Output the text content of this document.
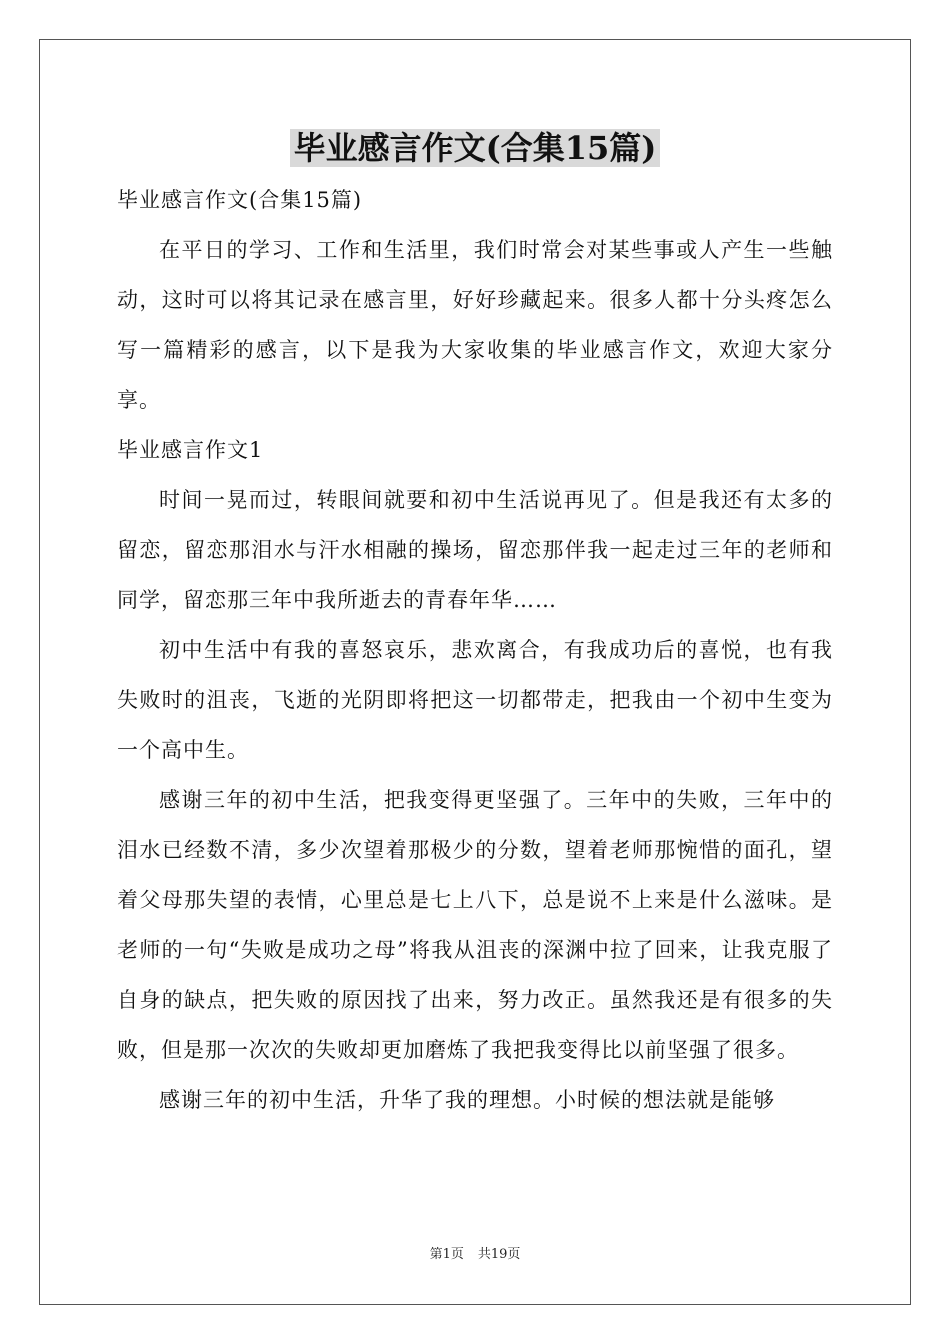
毕业感言作文(合集15篇)

毕业感言作文(合集15篇)

在平日的学习、工作和生活里，我们时常会对某些事或人产生一些触动，这时可以将其记录在感言里，好好珍藏起来。很多人都十分头疼怎么写一篇精彩的感言，以下是我为大家收集的毕业感言作文，欢迎大家分享。

毕业感言作文1

时间一晃而过，转眼间就要和初中生活说再见了。但是我还有太多的留恋，留恋那泪水与汗水相融的操场，留恋那伴我一起走过三年的老师和同学，留恋那三年中我所逝去的青春年华……

初中生活中有我的喜怒哀乐，悲欢离合，有我成功后的喜悦，也有我失败时的沮丧，飞逝的光阴即将把这一切都带走，把我由一个初中生变为一个高中生。

感谢三年的初中生活，把我变得更坚强了。三年中的失败，三年中的泪水已经数不清，多少次望着那极少的分数，望着老师那惋惜的面孔，望着父母那失望的表情，心里总是七上八下，总是说不上来是什么滋味。是老师的一句“失败是成功之母”将我从沮丧的深渊中拉了回来，让我克服了自身的缺点，把失败的原因找了出来，努力改正。虽然我还是有很多的失败，但是那一次次的失败却更加磨炼了我把我变得比以前坚强了很多。

感谢三年的初中生活，升华了我的理想。小时候的想法就是能够

第1页 共19页
